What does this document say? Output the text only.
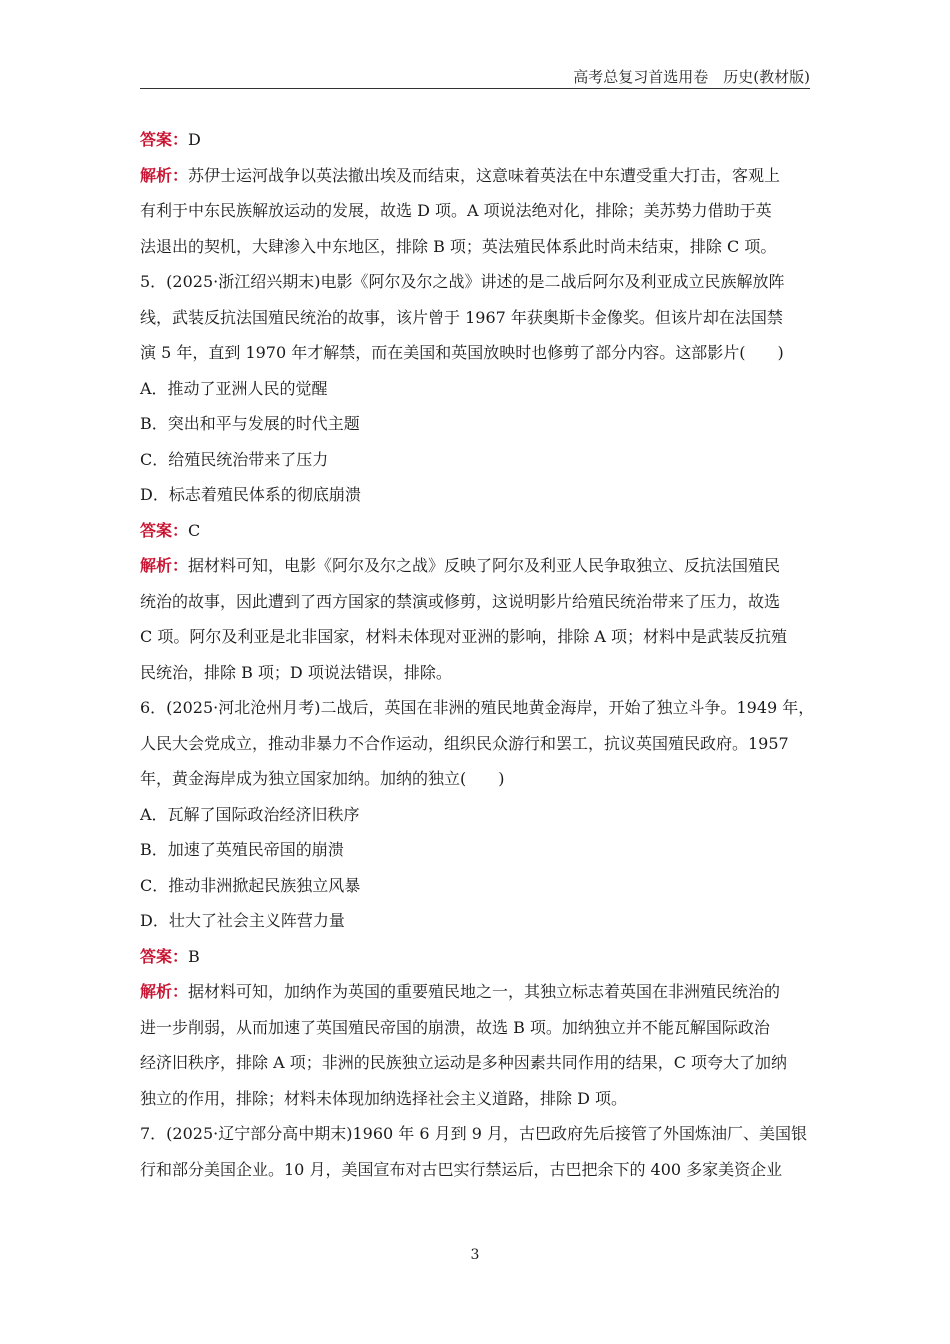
高考总复习首选用卷　历史(教材版)
答案：D
解析：苏伊士运河战争以英法撤出埃及而结束，这意味着英法在中东遭受重大打击，客观上
有利于中东民族解放运动的发展，故选 D 项。A 项说法绝对化，排除；美苏势力借助于英
法退出的契机，大肆渗入中东地区，排除 B 项；英法殖民体系此时尚未结束，排除 C 项。
5．(2025·浙江绍兴期末)电影《阿尔及尔之战》讲述的是二战后阿尔及利亚成立民族解放阵
线，武装反抗法国殖民统治的故事，该片曾于 1967 年获奥斯卡金像奖。但该片却在法国禁
演 5 年，直到 1970 年才解禁，而在美国和英国放映时也修剪了部分内容。这部影片(　　)
A．推动了亚洲人民的觉醒
B．突出和平与发展的时代主题
C．给殖民统治带来了压力
D．标志着殖民体系的彻底崩溃
答案：C
解析：据材料可知，电影《阿尔及尔之战》反映了阿尔及利亚人民争取独立、反抗法国殖民
统治的故事，因此遭到了西方国家的禁演或修剪，这说明影片给殖民统治带来了压力，故选
C 项。阿尔及利亚是北非国家，材料未体现对亚洲的影响，排除 A 项；材料中是武装反抗殖
民统治，排除 B 项；D 项说法错误，排除。
6．(2025·河北沧州月考)二战后，英国在非洲的殖民地黄金海岸，开始了独立斗争。1949 年，
人民大会党成立，推动非暴力不合作运动，组织民众游行和罢工，抗议英国殖民政府。1957
年，黄金海岸成为独立国家加纳。加纳的独立(　　)
A．瓦解了国际政治经济旧秩序
B．加速了英殖民帝国的崩溃
C．推动非洲掀起民族独立风暴
D．壮大了社会主义阵营力量
答案：B
解析：据材料可知，加纳作为英国的重要殖民地之一，其独立标志着英国在非洲殖民统治的
进一步削弱，从而加速了英国殖民帝国的崩溃，故选 B 项。加纳独立并不能瓦解国际政治
经济旧秩序，排除 A 项；非洲的民族独立运动是多种因素共同作用的结果，C 项夸大了加纳
独立的作用，排除；材料未体现加纳选择社会主义道路，排除 D 项。
7．(2025·辽宁部分高中期末)1960 年 6 月到 9 月，古巴政府先后接管了外国炼油厂、美国银
行和部分美国企业。10 月，美国宣布对古巴实行禁运后，古巴把余下的 400 多家美资企业
3
